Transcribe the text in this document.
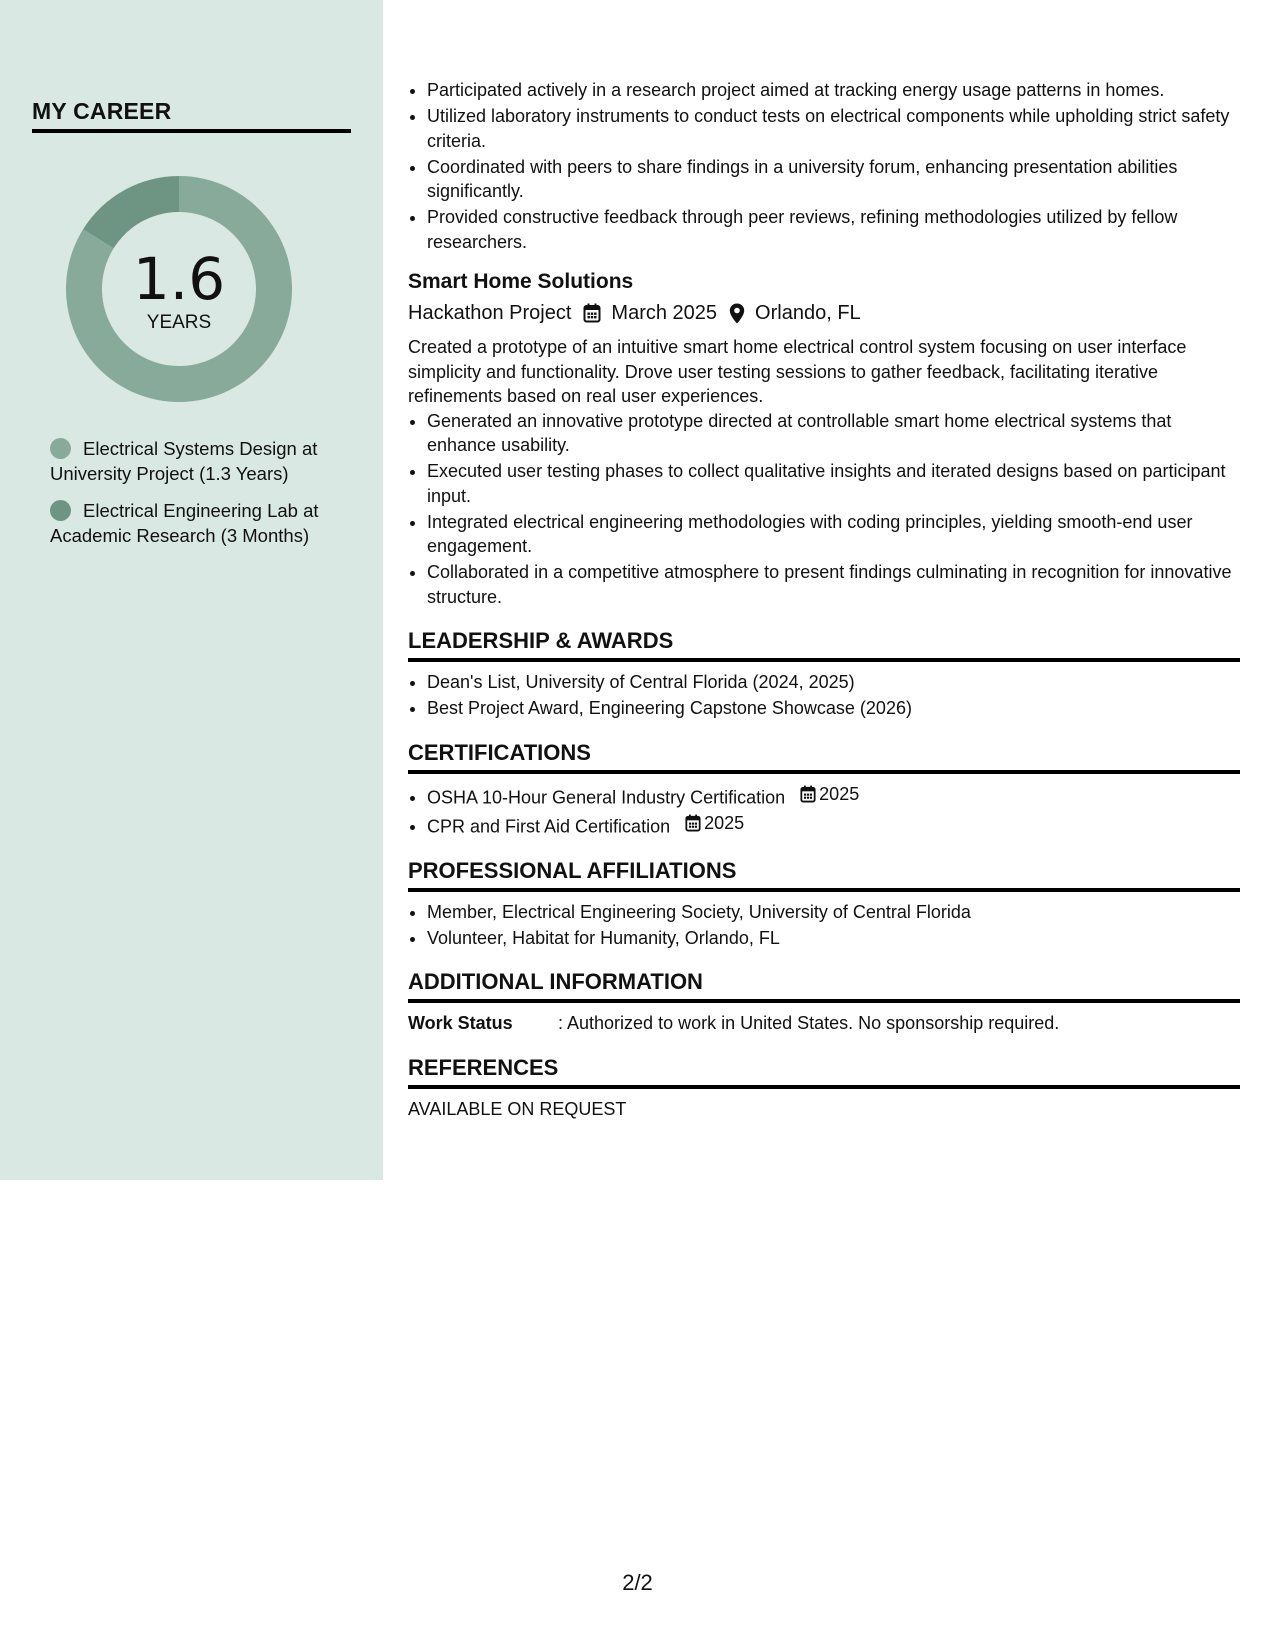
MY CAREER
1.6
YEARS
Electrical Systems Design at University Project (1.3 Years)
Electrical Engineering Lab at Academic Research (3 Months)
• Participated actively in a research project aimed at tracking energy usage patterns in homes.
• Utilized laboratory instruments to conduct tests on electrical components while upholding strict safety criteria.
• Coordinated with peers to share findings in a university forum, enhancing presentation abilities significantly.
• Provided constructive feedback through peer reviews, refining methodologies utilized by fellow researchers.
Smart Home Solutions
Hackathon Project March 2025 Orlando, FL
Created a prototype of an intuitive smart home electrical control system focusing on user interface simplicity and functionality. Drove user testing sessions to gather feedback, facilitating iterative refinements based on real user experiences.
• Generated an innovative prototype directed at controllable smart home electrical systems that enhance usability.
• Executed user testing phases to collect qualitative insights and iterated designs based on participant input.
• Integrated electrical engineering methodologies with coding principles, yielding smooth-end user engagement.
• Collaborated in a competitive atmosphere to present findings culminating in recognition for innovative structure.
LEADERSHIP & AWARDS
• Dean's List, University of Central Florida (2024, 2025)
• Best Project Award, Engineering Capstone Showcase (2026)
CERTIFICATIONS
• OSHA 10-Hour General Industry Certification 2025
• CPR and First Aid Certification 2025
PROFESSIONAL AFFILIATIONS
• Member, Electrical Engineering Society, University of Central Florida
• Volunteer, Habitat for Humanity, Orlando, FL
ADDITIONAL INFORMATION
Work Status	: Authorized to work in United States. No sponsorship required.
REFERENCES
AVAILABLE ON REQUEST
2/2
